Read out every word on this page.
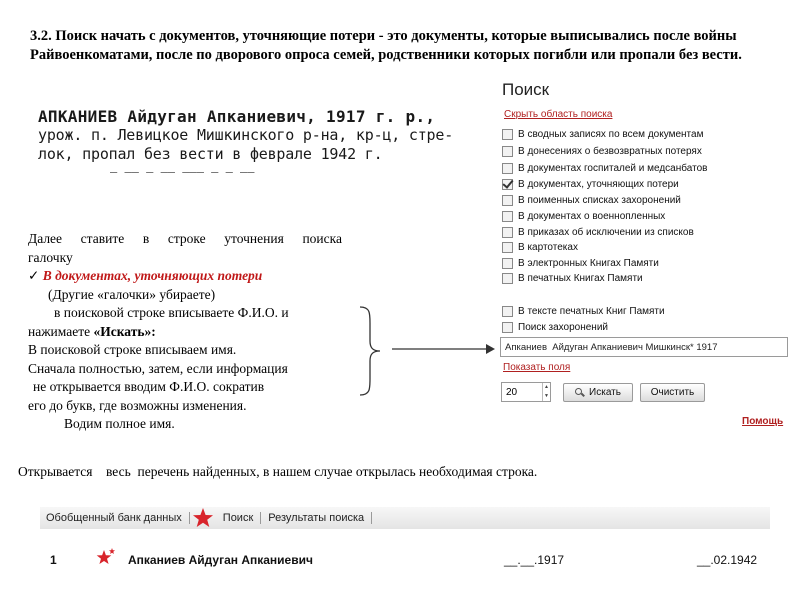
3.2. Поиск начать с документов, уточняющие потери - это документы, которые выписывались после войны Райвоенкоматами, после по дворового опроса семей, родственники которых погибли или пропали без вести.
АПКАНИЕВ Айдуган Апканиевич, 1917 г. р.,
урож. п. Левицкое Мишкинского р-на, кр-ц, стре-
лок, пропал без вести в феврале 1942 г.
— —— — —— ——— — — ——
Далее ставите в строке уточнения поиска
галочку
✓ В документах, уточняющих потери
(Другие «галочки» убираете)
в поисковой строке вписываете Ф.И.О. и
нажимаете «Искать»:
В поисковой строке вписываем имя.
Сначала полностью, затем, если информация
не открывается вводим Ф.И.О. сократив
его до букв, где возможны изменения.
Водим полное имя.
Поиск
Скрыть область поиска
В сводных записях по всем документам
В донесениях о безвозвратных потерях
В документах госпиталей и медсанбатов
В документах, уточняющих потери
В поименных списках захоронений
В документах о военнопленных
В приказах об исключении из списков
В картотеках
В электронных Книгах Памяти
В печатных Книгах Памяти
В тексте печатных Книг Памяти
Поиск захоронений
Апканиев Айдуган Апканиевич Мишкинск* 1917
Показать поля
20
▲
▼	Искать	Очистить
Помощь
Открывается    весь  перечень найденных, в нашем случае открылась необходимая строка.
Обобщенный банк данных	Поиск	Результаты поиска
1	Апканиев Айдуган Апканиевич	__.__.1917	__.02.1942
